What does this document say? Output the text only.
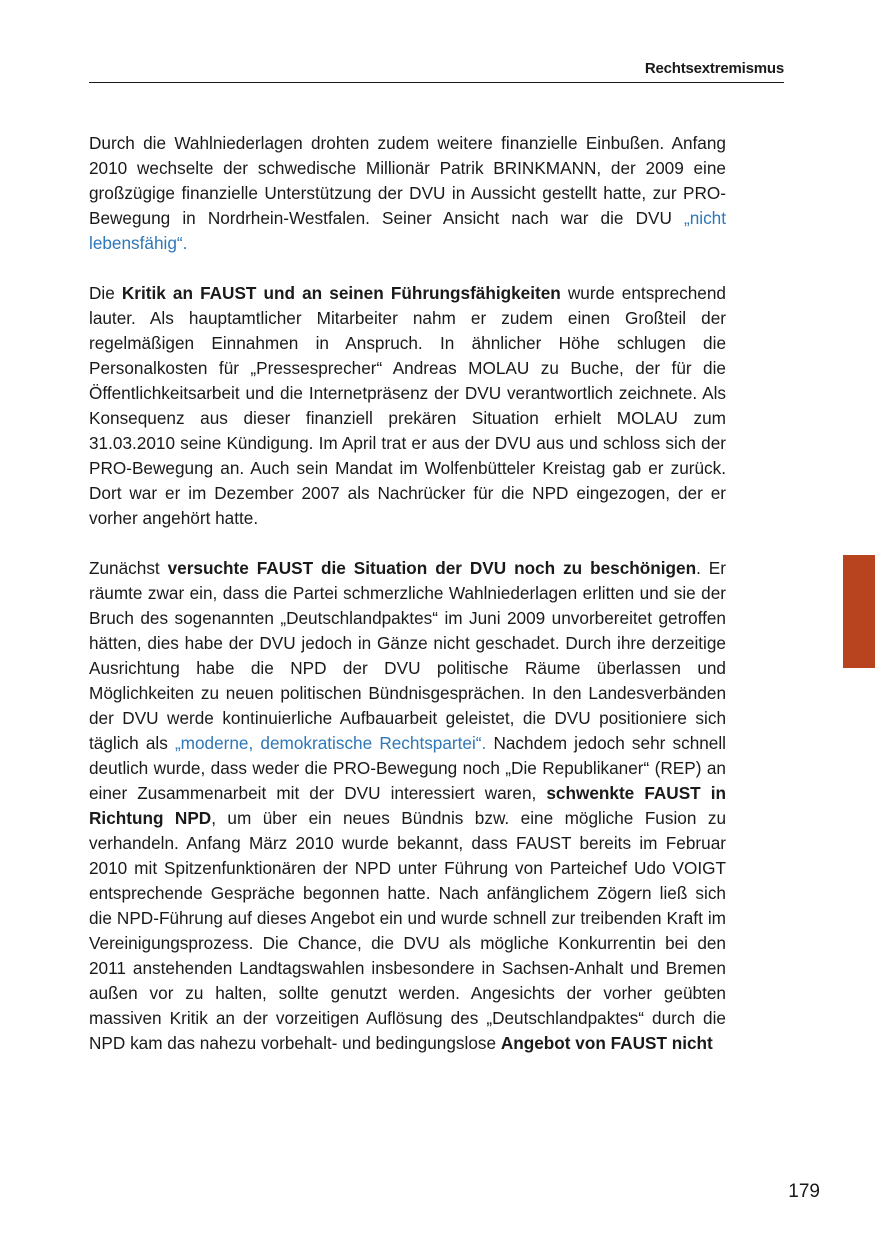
Rechtsextremismus

Durch die Wahlniederlagen drohten zudem weitere finanzielle Einbußen. Anfang 2010 wechselte der schwedische Millionär Patrik BRINKMANN, der 2009 eine großzügige finanzielle Unterstützung der DVU in Aussicht gestellt hatte, zur PRO-Bewegung in Nordrhein-Westfalen. Seiner Ansicht nach war die DVU „nicht lebensfähig“.

Die Kritik an FAUST und an seinen Führungsfähigkeiten wurde entsprechend lauter. Als hauptamtlicher Mitarbeiter nahm er zudem einen Großteil der regelmäßigen Einnahmen in Anspruch. In ähnlicher Höhe schlugen die Personalkosten für „Pressesprecher“ Andreas MOLAU zu Buche, der für die Öffentlichkeitsarbeit und die Internetpräsenz der DVU verantwortlich zeichnete. Als Konsequenz aus dieser finanziell prekären Situation erhielt MOLAU zum 31.03.2010 seine Kündigung. Im April trat er aus der DVU aus und schloss sich der PRO-Bewegung an. Auch sein Mandat im Wolfenbütteler Kreistag gab er zurück. Dort war er im Dezember 2007 als Nachrücker für die NPD eingezogen, der er vorher angehört hatte.

Zunächst versuchte FAUST die Situation der DVU noch zu beschönigen. Er räumte zwar ein, dass die Partei schmerzliche Wahlniederlagen erlitten und sie der Bruch des sogenannten „Deutschlandpaktes“ im Juni 2009 unvorbereitet getroffen hätten, dies habe der DVU jedoch in Gänze nicht geschadet. Durch ihre derzeitige Ausrichtung habe die NPD der DVU politische Räume überlassen und Möglichkeiten zu neuen politischen Bündnisgesprächen. In den Landesverbänden der DVU werde kontinuierliche Aufbauarbeit geleistet, die DVU positioniere sich täglich als „moderne, demokratische Rechtspartei“. Nachdem jedoch sehr schnell deutlich wurde, dass weder die PRO-Bewegung noch „Die Republikaner“ (REP) an einer Zusammenarbeit mit der DVU interessiert waren, schwenkte FAUST in Richtung NPD, um über ein neues Bündnis bzw. eine mögliche Fusion zu verhandeln. Anfang März 2010 wurde bekannt, dass FAUST bereits im Februar 2010 mit Spitzenfunktionären der NPD unter Führung von Parteichef Udo VOIGT entsprechende Gespräche begonnen hatte. Nach anfänglichem Zögern ließ sich die NPD-Führung auf dieses Angebot ein und wurde schnell zur treibenden Kraft im Vereinigungsprozess. Die Chance, die DVU als mögliche Konkurrentin bei den 2011 anstehenden Landtagswahlen insbesondere in Sachsen-Anhalt und Bremen außen vor zu halten, sollte genutzt werden. Angesichts der vorher geübten massiven Kritik an der vorzeitigen Auflösung des „Deutschlandpaktes“ durch die NPD kam das nahezu vorbehalt- und bedingungslose Angebot von FAUST nicht

179
